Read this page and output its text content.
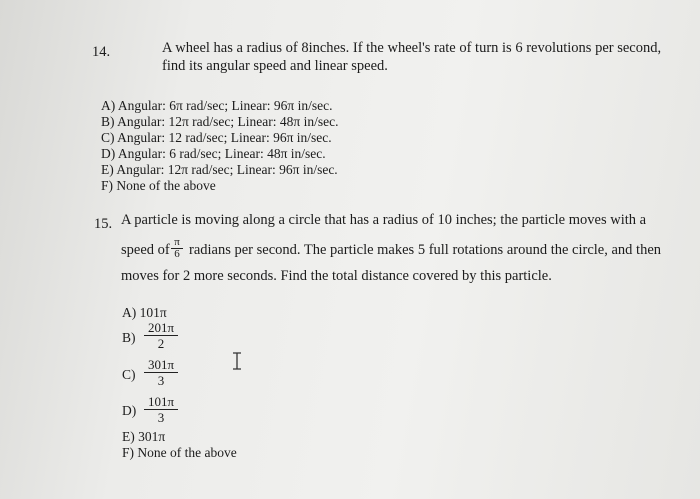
14.	A wheel has a radius of 8inches. If the wheel's rate of turn is 6 revolutions per second,
find its angular speed and linear speed.
A) Angular: 6π rad/sec; Linear: 96π in/sec.
B) Angular: 12π rad/sec; Linear: 48π in/sec.
C) Angular: 12 rad/sec; Linear: 96π in/sec.
D) Angular: 6 rad/sec; Linear: 48π in/sec.
E) Angular: 12π rad/sec; Linear: 96π in/sec.
F) None of the above
15. A particle is moving along a circle that has a radius of 10 inches; the particle moves with a
speed of $\frac{\pi}{6}$ radians per second. The particle makes 5 full rotations around the circle, and then
moves for 2 more seconds. Find the total distance covered by this particle.
A) 101π
$B) \frac{201\pi}{2}$
$C) \frac{301\pi}{3}$
$D) \frac{101\pi}{3}$
E) 301π
F) None of the above
